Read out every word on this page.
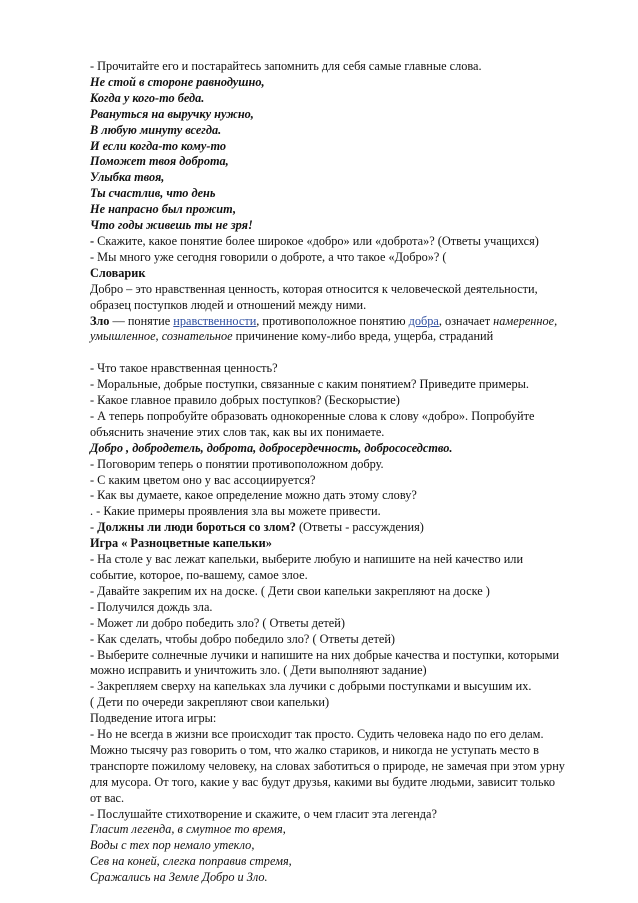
- Прочитайте его и постарайтесь запомнить для себя самые главные слова.
Не стой в стороне равнодушно,
Когда у кого-то беда.
Рвануться на выручку нужно,
В любую минуту всегда.
И если когда-то кому-то
Поможет твоя доброта,
Улыбка твоя,
Ты счастлив, что день
Не напрасно был прожит,
Что годы живешь ты не зря!
- Скажите, какое понятие более широкое «добро» или «доброта»? (Ответы учащихся)
- Мы много уже сегодня говорили о доброте, а что такое «Добро»? (
Словарик
Добро – это нравственная ценность, которая относится к человеческой деятельности,
образец поступков людей и отношений между ними.
Зло — понятие нравственности, противоположное понятию добра, означает намеренное,
умышленное, сознательное причинение кому-либо вреда, ущерба, страданий
- Что такое нравственная ценность?
- Моральные, добрые поступки, связанные с каким понятием? Приведите примеры.
- Какое главное правило добрых поступков? (Бескорыстие)
- А теперь попробуйте образовать однокоренные слова к слову «добро». Попробуйте
объяснить значение этих слов так, как вы их понимаете.
Добро , добродетель, доброта, добросердечность, добрососедство.
- Поговорим теперь о понятии противоположном добру.
- С каким цветом оно у вас ассоциируется?
- Как вы думаете, какое определение можно дать этому слову?
. - Какие примеры проявления зла вы можете привести.
- Должны ли люди бороться со злом? (Ответы - рассуждения)
Игра « Разноцветные капельки»
- На столе у вас лежат капельки, выберите любую и напишите на ней качество или
событие, которое, по-вашему, самое злое.
- Давайте закрепим их на доске. ( Дети свои капельки закрепляют на доске )
- Получился дождь зла.
- Может ли добро победить зло? ( Ответы детей)
- Как сделать, чтобы добро победило зло? ( Ответы детей)
- Выберите солнечные лучики и напишите на них добрые качества и поступки, которыми
можно исправить и уничтожить зло. ( Дети выполняют задание)
- Закрепляем сверху на капельках зла лучики с добрыми поступками и высушим их.
( Дети по очереди закрепляют свои капельки)
Подведение итога игры:
- Но не всегда в жизни все происходит так просто. Судить человека надо по его делам.
Можно тысячу раз говорить о том, что жалко стариков, и никогда не уступать место в
транспорте пожилому человеку, на словах заботиться о природе, не замечая при этом урну
для мусора. От того, какие у вас будут друзья, какими вы будите людьми, зависит только
от вас.
- Послушайте стихотворение и скажите, о чем гласит эта легенда?
Гласит легенда, в смутное то время,
Воды с тех пор немало утекло,
Сев на коней, слегка поправив стремя,
Сражались на Земле Добро и Зло.
